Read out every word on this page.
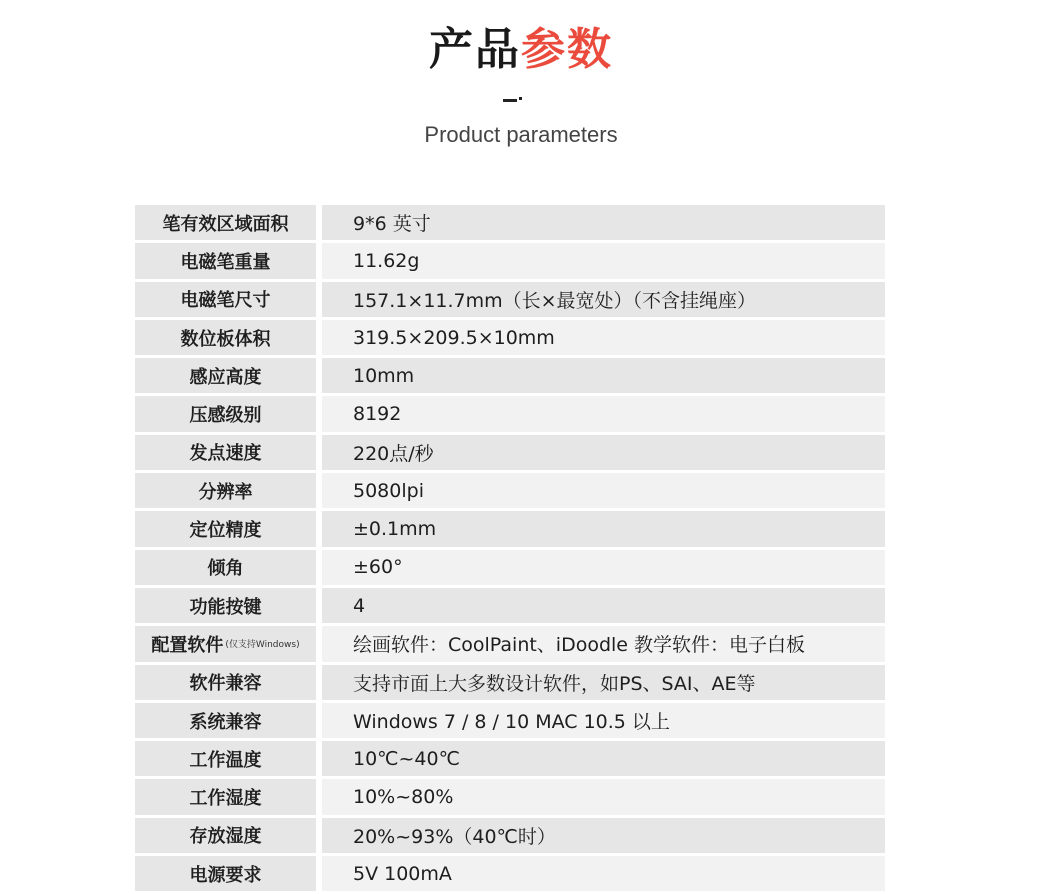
产品参数
Product parameters
笔有效区域面积	9*6 英寸
电磁笔重量	11.62g
电磁笔尺寸	157.1×11.7mm（长×最宽处）（不含挂绳座）
数位板体积	319.5×209.5×10mm
感应高度	10mm
压感级别	8192
发点速度	220点/秒
分辨率	5080lpi
定位精度	±0.1mm
倾角	±60°
功能按键	4
配置软件 (仅支持Windows)	绘画软件：CoolPaint、iDoodle 教学软件：电子白板
软件兼容	支持市面上大多数设计软件，如PS、SAI、AE等
系统兼容	Windows 7 / 8 / 10 MAC 10.5 以上
工作温度	10℃~40℃
工作湿度	10%~80%
存放湿度	20%~93%（40℃时）
电源要求	5V 100mA
